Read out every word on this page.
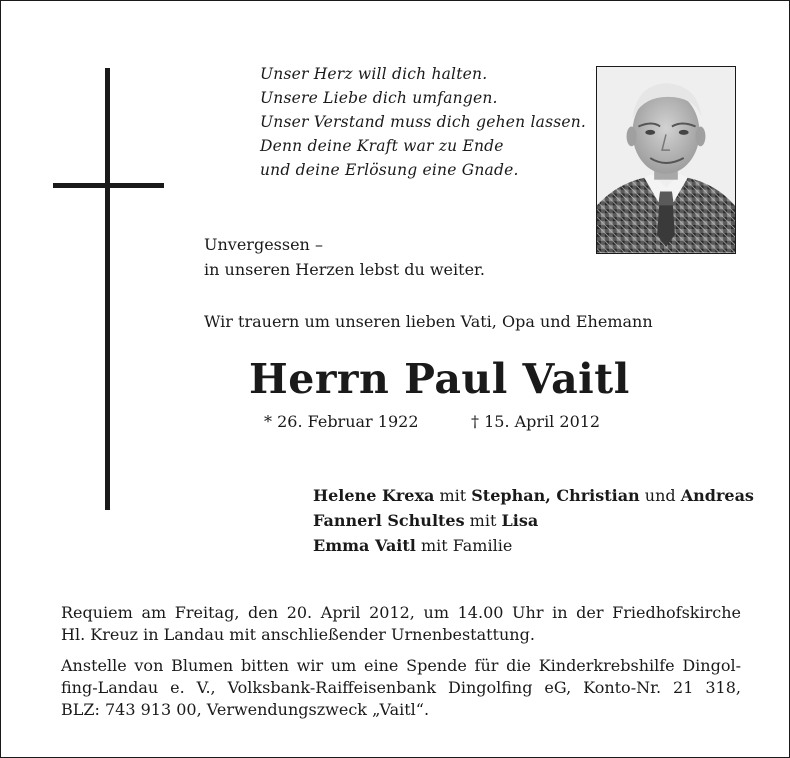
Unser Herz will dich halten.
Unsere Liebe dich umfangen.
Unser Verstand muss dich gehen lassen.
Denn deine Kraft war zu Ende
und deine Erlösung eine Gnade.
Unvergessen –
in unseren Herzen lebst du weiter.
Wir trauern um unseren lieben Vati, Opa und Ehemann
Herrn Paul Vaitl
* 26. Februar 1922	† 15. April 2012
Helene Krexa mit Stephan, Christian und Andreas
Fannerl Schultes mit Lisa
Emma Vaitl mit Familie
Requiem am Freitag, den 20. April 2012, um 14.00 Uhr in der Friedhofskirche
Hl. Kreuz in Landau mit anschließender Urnenbestattung.
Anstelle von Blumen bitten wir um eine Spende für die Kinderkrebshilfe Dingol-
fing-Landau e. V., Volksbank-Raiffeisenbank Dingolfing eG, Konto-Nr. 21 318,
BLZ: 743 913 00, Verwendungszweck „Vaitl“.
